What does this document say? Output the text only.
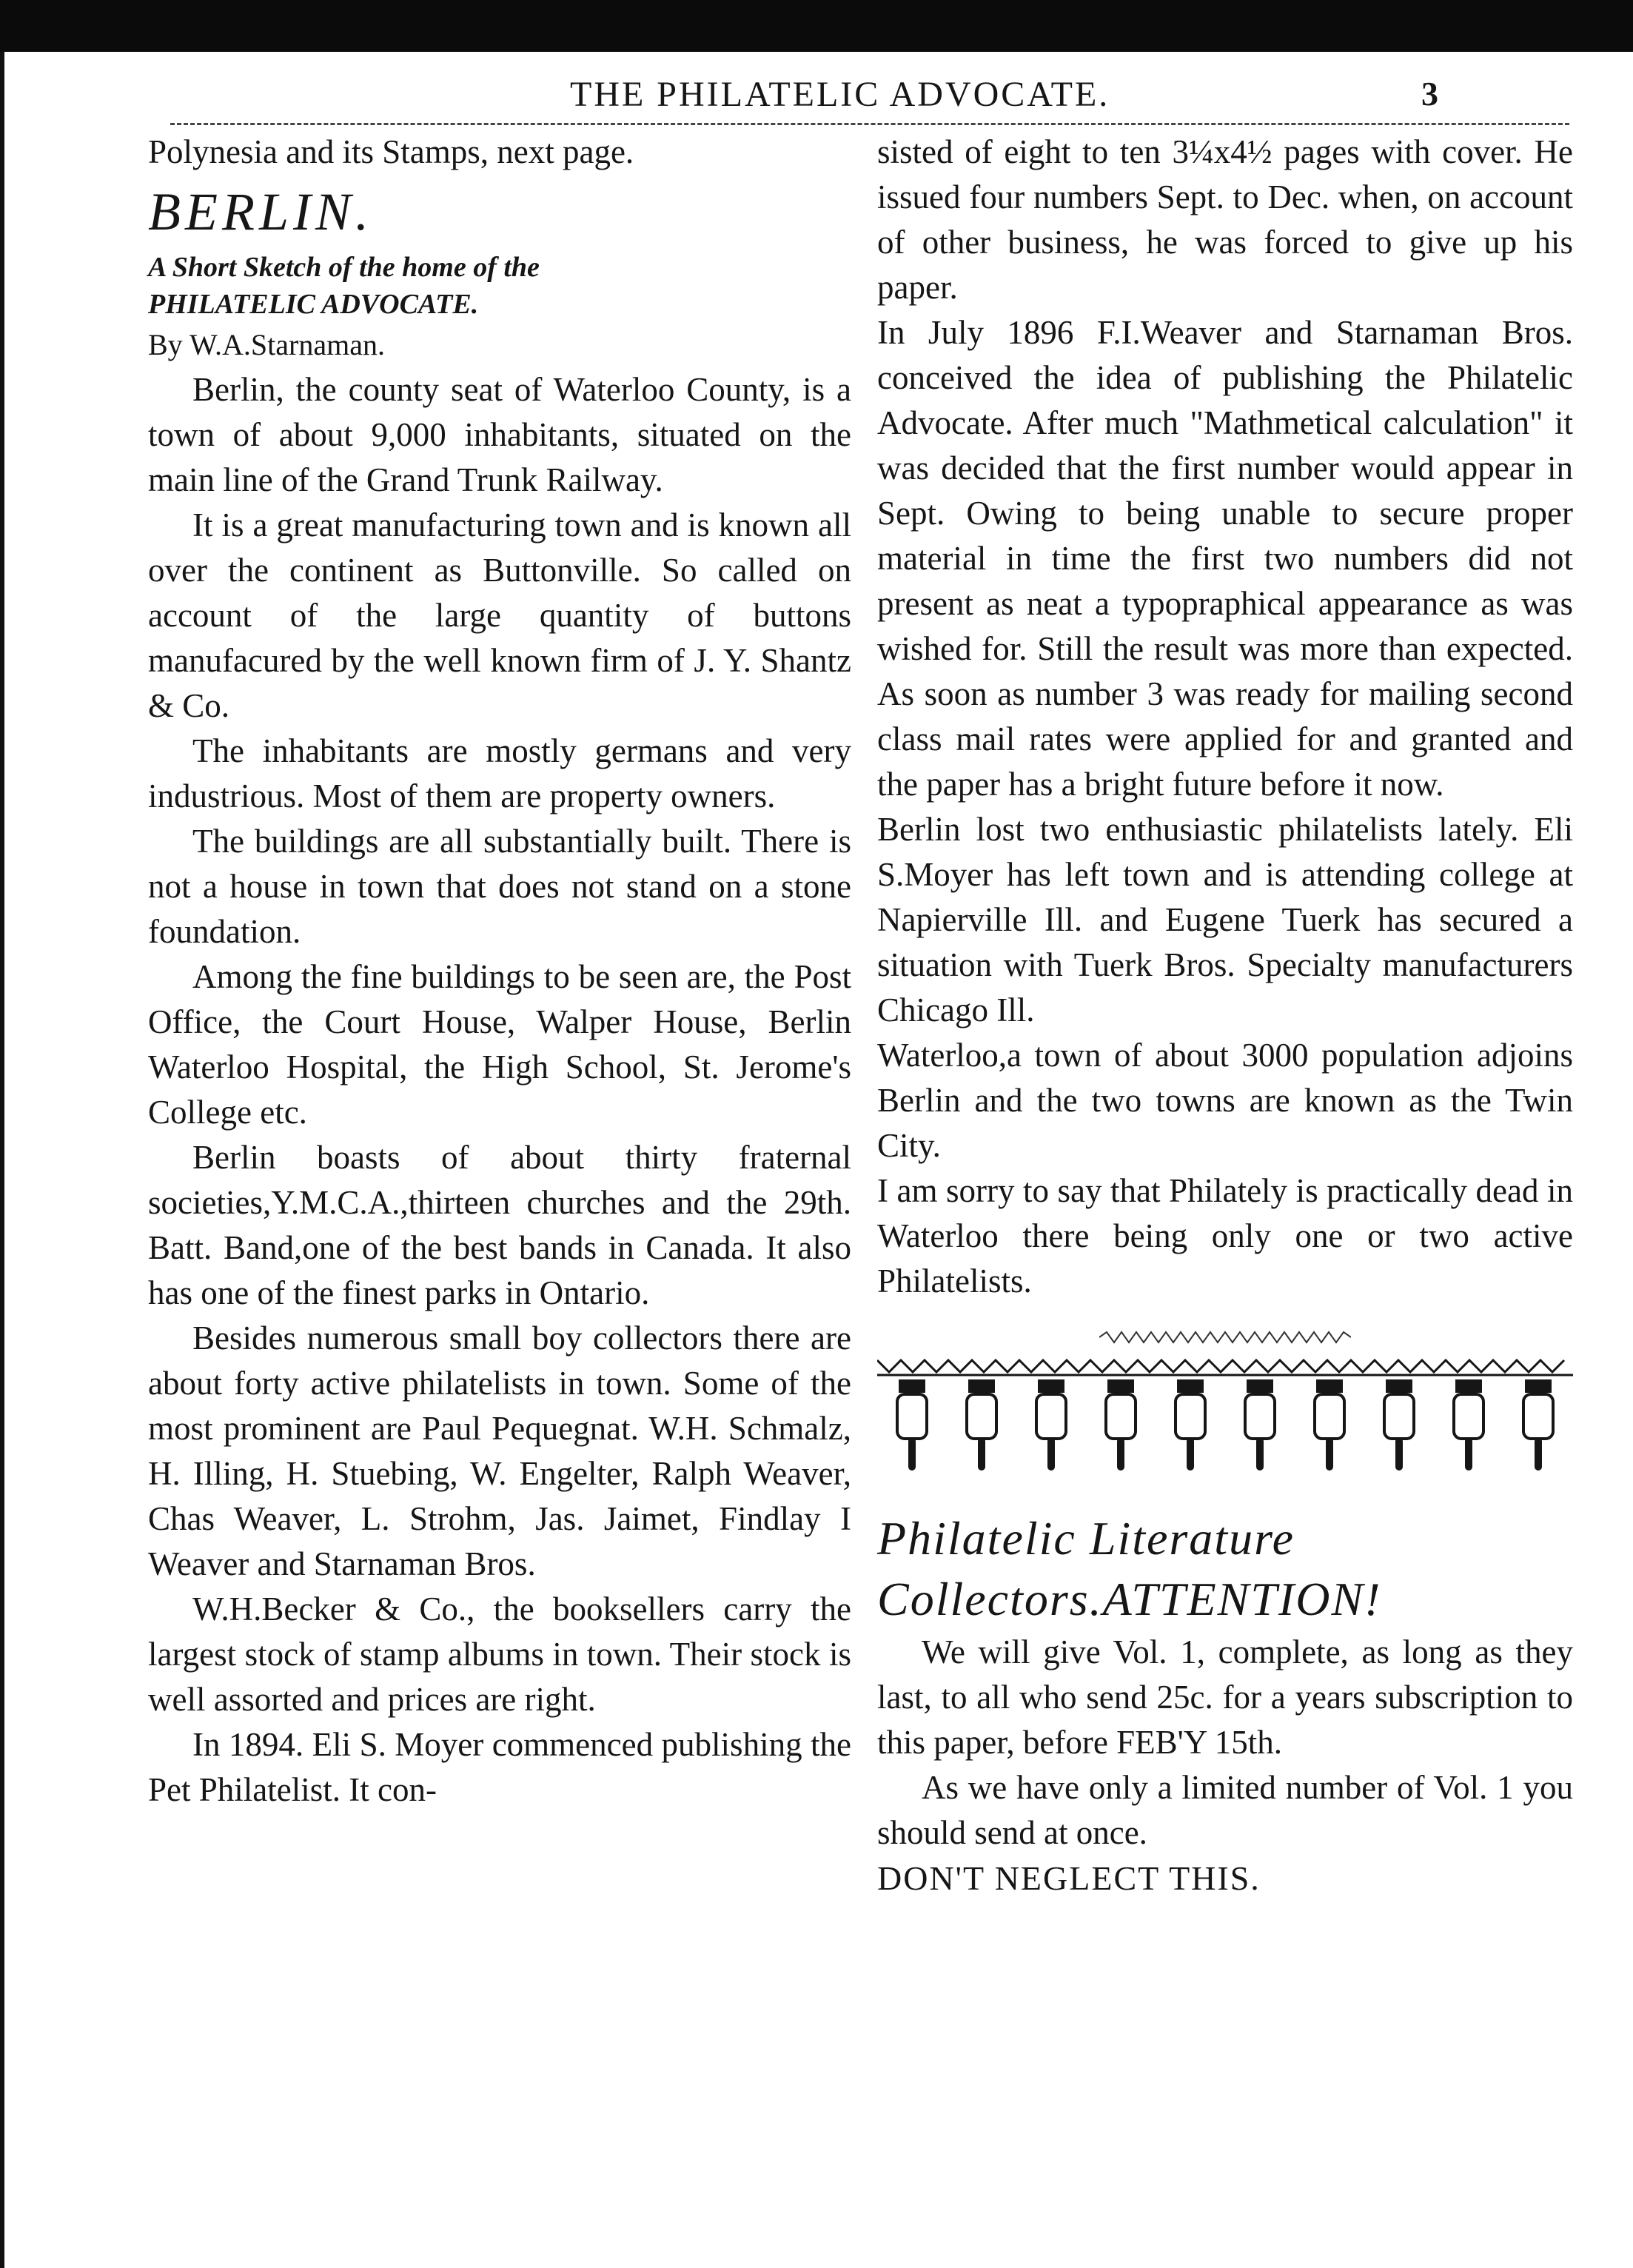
THE PHILATELIC ADVOCATE.	3

Polynesia and its Stamps, next page.

BERLIN.

A Short Sketch of the home of the

PHILATELIC ADVOCATE.

By W.A.Starnaman.

Berlin, the county seat of Waterloo County, is a town of about 9,000 inhabitants, situated on the main line of the Grand Trunk Railway.

It is a great manufacturing town and is known all over the continent as Buttonville. So called on account of the large quantity of buttons manufacured by the well known firm of J. Y. Shantz & Co.

The inhabitants are mostly germans and very industrious. Most of them are property owners.

The buildings are all substantially built. There is not a house in town that does not stand on a stone foundation.

Among the fine buildings to be seen are, the Post Office, the Court House, Walper House, Berlin Waterloo Hospital, the High School, St. Jerome's College etc.

Berlin boasts of about thirty fraternal societies,Y.M.C.A.,thirteen churches and the 29th. Batt. Band,one of the best bands in Canada. It also has one of the finest parks in Ontario.

Besides numerous small boy collectors there are about forty active philatelists in town. Some of the most prominent are Paul Pequegnat. W.H. Schmalz, H. Illing, H. Stuebing, W. Engelter, Ralph Weaver, Chas Weaver, L. Strohm, Jas. Jaimet, Findlay I Weaver and Starnaman Bros.

W.H.Becker & Co., the booksellers carry the largest stock of stamp albums in town. Their stock is well assorted and prices are right.

In 1894. Eli S. Moyer commenced publishing the Pet Philatelist. It con-

sisted of eight to ten 3¼x4½ pages with cover. He issued four numbers Sept. to Dec. when, on account of other business, he was forced to give up his paper.

In July 1896 F.I.Weaver and Starnaman Bros. conceived the idea of publishing the Philatelic Advocate. After much "Mathmetical calculation" it was decided that the first number would appear in Sept. Owing to being unable to secure proper material in time the first two numbers did not present as neat a typopraphical appearance as was wished for. Still the result was more than expected. As soon as number 3 was ready for mailing second class mail rates were applied for and granted and the paper has a bright future before it now.

Berlin lost two enthusiastic philatelists lately. Eli S.Moyer has left town and is attending college at Napierville Ill. and Eugene Tuerk has secured a situation with Tuerk Bros. Specialty manufacturers Chicago Ill.

Waterloo,a town of about 3000 population adjoins Berlin and the two towns are known as the Twin City.

I am sorry to say that Philately is practically dead in Waterloo there being only one or two active Philatelists.

Philatelic Literature

Collectors.ATTENTION!

We will give Vol. 1, complete, as long as they last, to all who send 25c. for a years subscription to this paper, before FEB'Y 15th.

As we have only a limited number of Vol. 1 you should send at once.

DON'T NEGLECT THIS.
